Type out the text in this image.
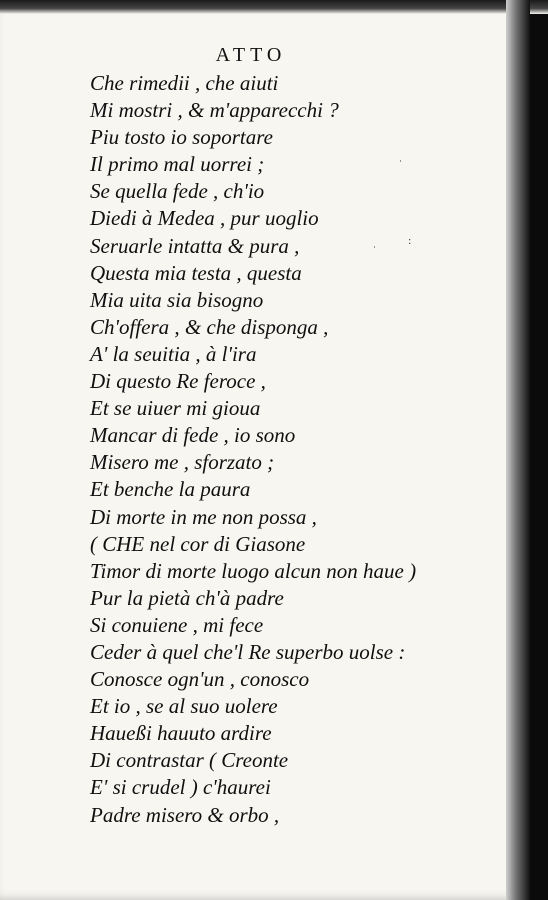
ATTO
Che rimedii , che aiuti
Mi mostri , & m'apparecchi ?
Piu tosto io soportare
Il primo mal uorrei ;
Se quella fede , ch'io
Diedi à Medea , pur uoglio
Seruarle intatta & pura ,
Questa mia testa , questa
Mia uita sia bisogno
Ch'offera , & che disponga ,
A' la seuitia , à l'ira
Di questo Re feroce ,
Et se uiuer mi gioua
Mancar di fede , io sono
Misero me , sforzato ;
Et benche la paura
Di morte in me non possa ,
( CHE nel cor di Giasone
Timor di morte luogo alcun non haue )
Pur la pietà ch'à padre
Si conuiene , mi fece
Ceder à quel che'l Re superbo uolse :
Conosce ogn'un , conosco
Et io , se al suo uolere
Haueßi hauuto ardire
Di contrastar ( Creonte
E' si crudel ) c'haurei
Padre misero & orbo ,
˙
:
˙
